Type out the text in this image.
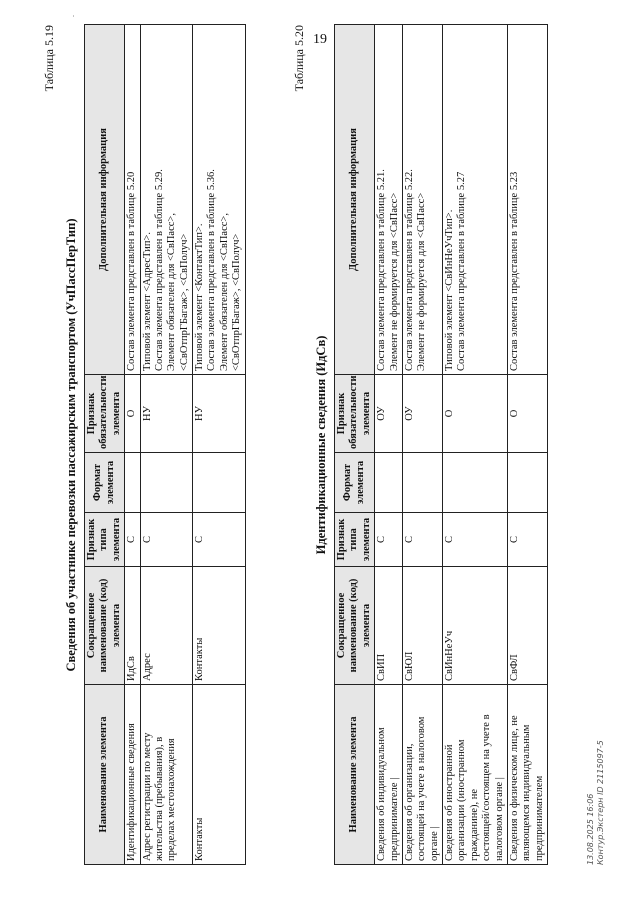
19
Таблица 5.19
Сведения об участнике перевозки пассажирским транспортом (УчПассПерТип)
Наименование элемента	Сокращенное наименование (код) элемента	Признак типа элемента	Формат элемента	Признак обязательности элемента	Дополнительная информация

Идентификационные сведения	ИдСв	С		О	Состав элемента представлен в таблице 5.20

Адрес регистрации по месту жительства (пребывания), в пределах местонахождения	Адрес	С		НУ	Типовой элемент <АдресТип>. Состав элемента представлен в таблице 5.29. Элемент обязателен для <СвПасс>, <СвОтпрГБагаж>, <СвПолуч>

Контакты	Контакты	С		НУ	Типовой элемент <КонтактТип>. Состав элемента представлен в таблице 5.36. Элемент обязателен для <СвПасс>, <СвОтпрГБагаж>, <СвПолуч>
Таблица 5.20
Идентификационные сведения (ИдСв)
Наименование элемента	Сокращенное наименование (код) элемента	Признак типа элемента	Формат элемента	Признак обязательности элемента	Дополнительная информация

Сведения об индивидуальном предпринимателе |	СвИП	С		ОУ	Состав элемента представлен в таблице 5.21. Элемент не формируется для <СвПасс>

Сведения об организации, состоящей на учете в налоговом органе |	СвЮЛ	С		ОУ	Состав элемента представлен в таблице 5.22. Элемент не формируется для <СвПасс>

Сведения об иностранной организации (иностранном гражданине), не состоящей/состоящем на учете в налоговом органе |	СвИнНеУч	С		О	Типовой элемент <СвИнНеУчТип>. Состав элемента представлен в таблице 5.27

Сведения о физическом лице, не являющемся индивидуальным предпринимателем	СвФЛ	С		О	Состав элемента представлен в таблице 5.23
13.08.2025 16:06 Контур.Экстерн ID 2115097-5
˙
